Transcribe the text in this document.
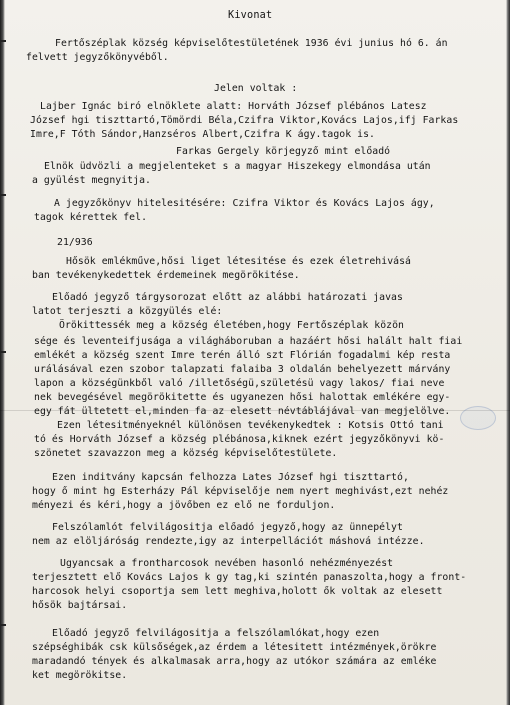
Kivonat

Fertőszéplak község képviselőtestületének 1936 évi junius hó 6. án

felvett jegyzőkönyvéből.

Jelen voltak :

Lajber Ignác biró elnöklete alatt: Horváth József plébános Latesz

József hgi tiszttartó,Tömördi Béla,Czifra Viktor,Kovács Lajos,ifj Farkas

Imre,F Tóth Sándor,Hanzséros Albert,Czifra K ágy.tagok is.

Farkas Gergely körjegyző mint előadó

Elnök üdvözli a megjelenteket s a magyar Hiszekegy elmondása után

a gyülést megnyitja.

A jegyzőkönyv hitelesitésére: Czifra Viktor és Kovács Lajos ágy,

tagok kérettek fel.

21/936

Hősök emlékműve,hősi liget létesitése és ezek életrehivásá

ban tevékenykedettek érdemeinek megörökitése.

Előadó jegyző tárgysorozat előtt az alábbi határozati javas

latot terjeszti a közgyülés elé:

Örökittessék meg a község életében,hogy Fertőszéplak közön

sége és leventeifjusága a világháboruban a hazáért hősi halált halt fiai

emlékét a község szent Imre terén álló szt Flórián fogadalmi kép resta

urálásával ezen szobor talapzati falaiba 3 oldalán behelyezett márvány

lapon a községünkből való /illetőségü,születésü vagy lakos/ fiai neve

nek bevegésével megörökitette és ugyanezen hősi halottak emlékére egy-

egy fát ültetett el,minden fa az elesett névtáblájával van megjelölve.

Ezen létesitményeknél különösen tevékenykedtek : Kotsis Ottó tani

tó és Horváth József a község plébánosa,kiknek ezért jegyzőkönyvi kö-

szönetet szavazzon meg a község képviselőtestülete.

Ezen inditvány kapcsán felhozza Lates József hgi tiszttartó,

hogy ő mint hg Esterházy Pál képviselője nem nyert meghivást,ezt nehéz

ményezi és kéri,hogy a jövőben ez elő ne forduljon.

Felszólamlót felvilágositja előadó jegyző,hogy az ünnepélyt

nem az elöljáróság rendezte,igy az interpellációt máshová intézze.

Ugyancsak a frontharcosok nevében hasonló nehézményezést

terjesztett elő Kovács Lajos k gy tag,ki szintén panaszolta,hogy a front-

harcosok helyi csoportja sem lett meghiva,holott ők voltak az elesett

hősök bajtársai.

Előadó jegyző felvilágositja a felszólamlókat,hogy ezen

szépséghibák csk külsőségek,az érdem a létesitett intézmények,örökre

maradandó tények és alkalmasak arra,hogy az utókor számára az emléke

ket megörökitse.
